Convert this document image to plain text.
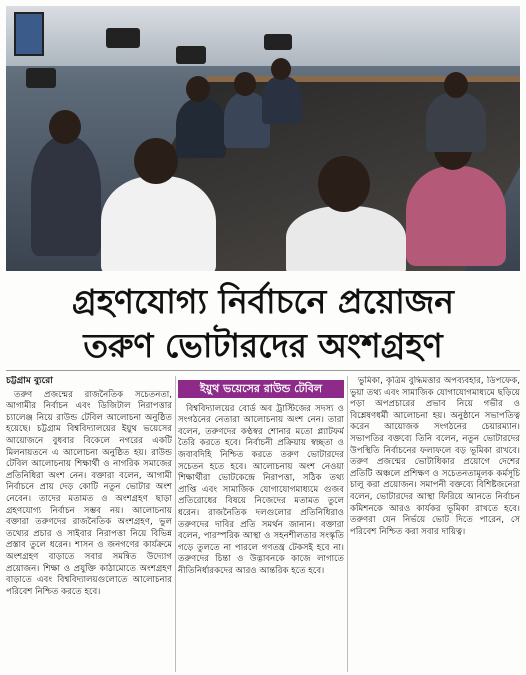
গ্রহণযোগ্য নির্বাচনে প্রয়োজন
তরুণ ভোটারদের অংশগ্রহণ
চট্টগ্রাম ব্যুরো

তরুণ প্রজন্মের রাজনৈতিক সচেতনতা, আগামীর নির্বাচন এবং ডিজিটাল নিরাপত্তার চ্যালেঞ্জ নিয়ে রাউন্ড টেবিল আলোচনা অনুষ্ঠিত হয়েছে। চট্টগ্রাম বিশ্ববিদ্যালয়ের ইয়ুথ ভয়েসের আয়োজনে বুধবার বিকেলে নগরের একটি মিলনায়তনে এ আলোচনা অনুষ্ঠিত হয়। রাউন্ড টেবিল আলোচনায় শিক্ষার্থী ও নাগরিক সমাজের প্রতিনিধিরা অংশ নেন। বক্তারা বলেন, আগামী নির্বাচনে প্রায় দেড় কোটি নতুন ভোটার অংশ নেবেন। তাদের মতামত ও অংশগ্রহণ ছাড়া গ্রহণযোগ্য নির্বাচন সম্ভব নয়। আলোচনায় বক্তারা তরুণদের রাজনৈতিক অংশগ্রহণ, ভুল তথ্যের প্রচার ও সাইবার নিরাপত্তা নিয়ে বিভিন্ন প্রস্তাব তুলে ধরেন। শাসন ও জনগণের কার্যক্রমে অংশগ্রহণ বাড়াতে সবার সমন্বিত উদ্যোগ প্রয়োজন। শিক্ষা ও প্রযুক্তি কাঠামোতে অংশগ্রহণ বাড়াতে এবং বিশ্ববিদ্যালয়গুলোতে আলোচনার পরিবেশ নিশ্চিত করতে হবে।

ইয়ুথ ভয়েসের রাউন্ড টেবিল

বিশ্ববিদ্যালয়ের বোর্ড অব ট্রাস্টিজের সদস্য ও সংগঠনের নেতারা আলোচনায় অংশ নেন। তারা বলেন, তরুণদের কণ্ঠস্বর শোনার মতো প্ল্যাটফর্ম তৈরি করতে হবে। নির্বাচনী প্রক্রিয়ায় স্বচ্ছতা ও জবাবদিহি নিশ্চিত করতে তরুণ ভোটারদের সচেতন হতে হবে। আলোচনায় অংশ নেওয়া শিক্ষার্থীরা ভোটকেন্দ্রে নিরাপত্তা, সঠিক তথ্য প্রাপ্তি এবং সামাজিক যোগাযোগমাধ্যমে গুজব প্রতিরোধের বিষয়ে নিজেদের মতামত তুলে ধরেন। রাজনৈতিক দলগুলোর প্রতিনিধিরাও তরুণদের দাবির প্রতি সমর্থন জানান। বক্তারা বলেন, পারস্পরিক আস্থা ও সহনশীলতার সংস্কৃতি গড়ে তুলতে না পারলে গণতন্ত্র টেকসই হবে না। তরুণদের চিন্তা ও উদ্ভাবনকে কাজে লাগাতে নীতিনির্ধারকদের আরও আন্তরিক হতে হবে।

ভুমিকা, কৃত্রিম বুদ্ধিমত্তার অপব্যবহার, ডিপফেক, ভুয়া তথ্য এবং সামাজিক যোগাযোগমাধ্যমে ছড়িয়ে পড়া অপপ্রচারের প্রভাব নিয়ে গভীর ও বিশ্লেষণধর্মী আলোচনা হয়। অনুষ্ঠানে সভাপতিত্ব করেন আয়োজক সংগঠনের চেয়ারম্যান। সভাপতির বক্তব্যে তিনি বলেন, নতুন ভোটারদের উপস্থিতি নির্বাচনের ফলাফলে বড় ভূমিকা রাখবে। তরুণ প্রজন্মের ভোটাধিকার প্রয়োগে দেশের প্রতিটি অঞ্চলে প্রশিক্ষণ ও সচেতনতামূলক কর্মসূচি চালু করা প্রয়োজন। সমাপনী বক্তব্যে বিশিষ্টজনেরা বলেন, ভোটারদের আস্থা ফিরিয়ে আনতে নির্বাচন কমিশনকে আরও কার্যকর ভূমিকা রাখতে হবে। তরুণরা যেন নির্ভয়ে ভোট দিতে পারেন, সে পরিবেশ নিশ্চিত করা সবার দায়িত্ব।
